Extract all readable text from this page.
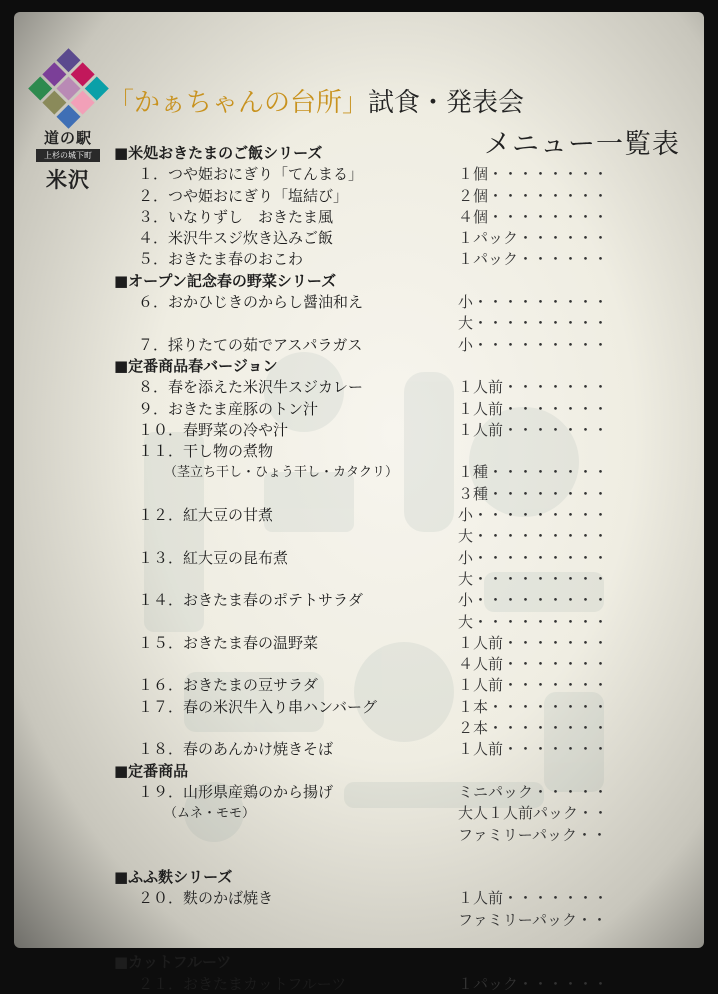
道の駅
上杉の城下町
米沢
「かぁちゃんの台所」試食・発表会
メニュー一覧表
■米処おきたまのご飯シリーズ
１．つや姫おにぎり「てんまる」	１個・・・・・・・・
２．つや姫おにぎり「塩結び」	２個・・・・・・・・
３．いなりずし　おきたま風	４個・・・・・・・・
４．米沢牛スジ炊き込みご飯	１パック・・・・・・
５．おきたま春のおこわ	１パック・・・・・・
■オープン記念春の野菜シリーズ
６．おかひじきのからし醤油和え	小・・・・・・・・・
大・・・・・・・・・
７．採りたての茹でアスパラガス	小・・・・・・・・・
■定番商品春バージョン
８．春を添えた米沢牛スジカレー	１人前・・・・・・・
９．おきたま産豚のトン汁	１人前・・・・・・・
１０．春野菜の冷や汁	１人前・・・・・・・
１１．干し物の煮物
（茎立ち干し・ひょう干し・カタクリ）	１種・・・・・・・・
３種・・・・・・・・
１２．紅大豆の甘煮	小・・・・・・・・・
大・・・・・・・・・
１３．紅大豆の昆布煮	小・・・・・・・・・
大・・・・・・・・・
１４．おきたま春のポテトサラダ	小・・・・・・・・・
大・・・・・・・・・
１５．おきたま春の温野菜	１人前・・・・・・・
４人前・・・・・・・
１６．おきたまの豆サラダ	１人前・・・・・・・
１７．春の米沢牛入り串ハンバーグ	１本・・・・・・・・
２本・・・・・・・・
１８．春のあんかけ焼きそば	１人前・・・・・・・
■定番商品
１９．山形県産鶏のから揚げ	ミニパック・・・・・
（ムネ・モモ）	大人１人前パック・・
ファミリーパック・・
■ふふ麩シリーズ
２０．麩のかば焼き	１人前・・・・・・・
ファミリーパック・・
■カットフルーツ
２１．おきたまカットフルーツ	１パック・・・・・・
